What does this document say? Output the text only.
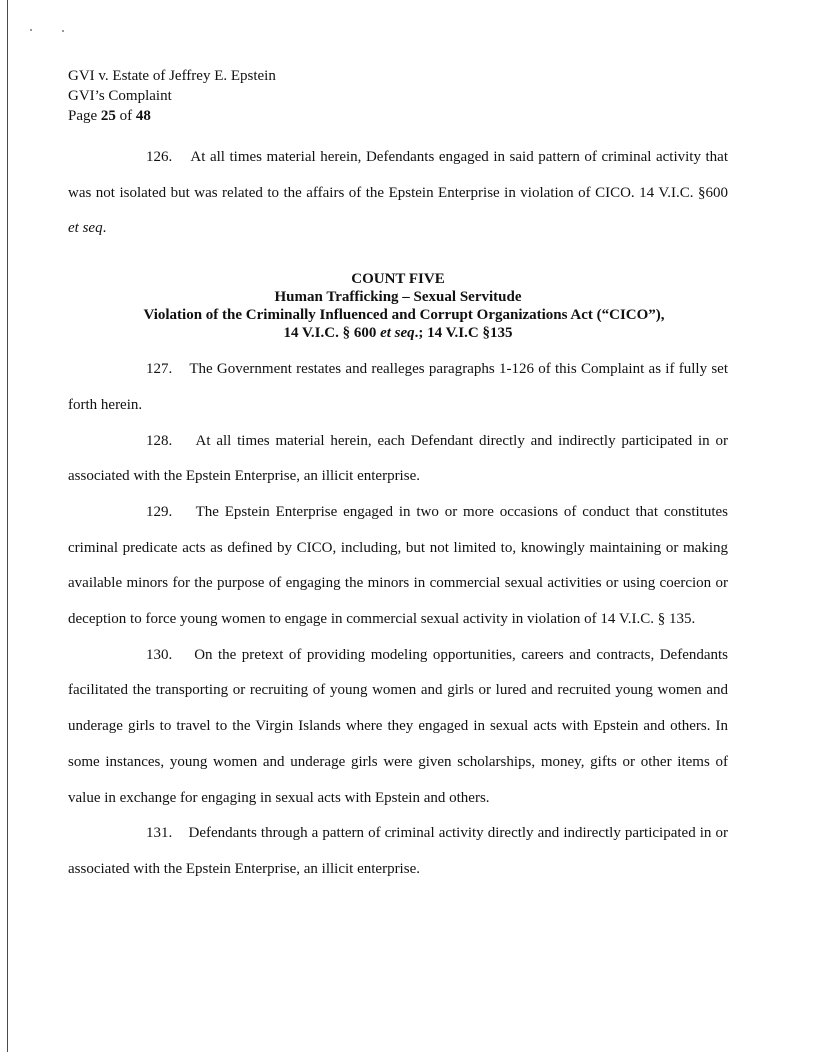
GVI v. Estate of Jeffrey E. Epstein
GVI’s Complaint
Page 25 of 48

126. At all times material herein, Defendants engaged in said pattern of criminal activity that was not isolated but was related to the affairs of the Epstein Enterprise in violation of CICO. 14 V.I.C. §600 et seq.

COUNT FIVE
Human Trafficking – Sexual Servitude
Violation of the Criminally Influenced and Corrupt Organizations Act (“CICO”),
14 V.I.C. § 600 et seq.; 14 V.I.C §135

127. The Government restates and realleges paragraphs 1-126 of this Complaint as if fully set forth herein.

128. At all times material herein, each Defendant directly and indirectly participated in or associated with the Epstein Enterprise, an illicit enterprise.

129. The Epstein Enterprise engaged in two or more occasions of conduct that constitutes criminal predicate acts as defined by CICO, including, but not limited to, knowingly maintaining or making available minors for the purpose of engaging the minors in commercial sexual activities or using coercion or deception to force young women to engage in commercial sexual activity in violation of 14 V.I.C. § 135.

130. On the pretext of providing modeling opportunities, careers and contracts, Defendants facilitated the transporting or recruiting of young women and girls or lured and recruited young women and underage girls to travel to the Virgin Islands where they engaged in sexual acts with Epstein and others. In some instances, young women and underage girls were given scholarships, money, gifts or other items of value in exchange for engaging in sexual acts with Epstein and others.

131. Defendants through a pattern of criminal activity directly and indirectly participated in or associated with the Epstein Enterprise, an illicit enterprise.
